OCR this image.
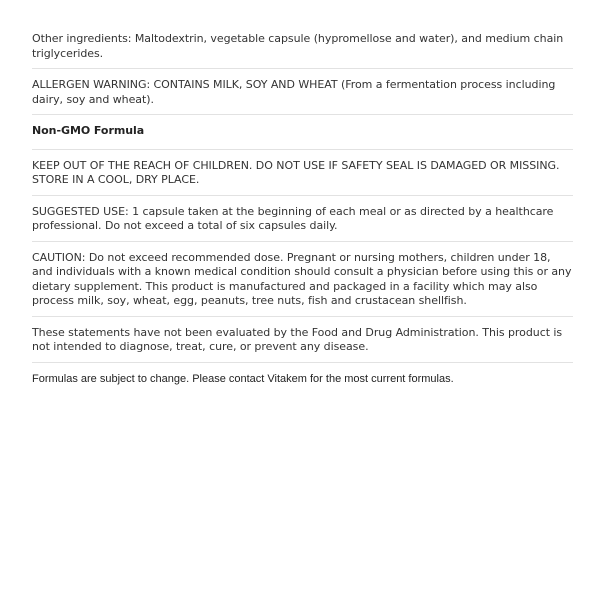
Other ingredients: Maltodextrin, vegetable capsule (hypromellose and water), and medium chain triglycerides.
ALLERGEN WARNING: CONTAINS MILK, SOY AND WHEAT (From a fermentation process including dairy, soy and wheat).
Non-GMO Formula
KEEP OUT OF THE REACH OF CHILDREN. DO NOT USE IF SAFETY SEAL IS DAMAGED OR MISSING. STORE IN A COOL, DRY PLACE.
SUGGESTED USE: 1 capsule taken at the beginning of each meal or as directed by a healthcare professional. Do not exceed a total of six capsules daily.
CAUTION: Do not exceed recommended dose. Pregnant or nursing mothers, children under 18, and individuals with a known medical condition should consult a physician before using this or any dietary supplement. This product is manufactured and packaged in a facility which may also process milk, soy, wheat, egg, peanuts, tree nuts, fish and crustacean shellfish.
These statements have not been evaluated by the Food and Drug Administration. This product is not intended to diagnose, treat, cure, or prevent any disease.
Formulas are subject to change. Please contact Vitakem for the most current formulas.
